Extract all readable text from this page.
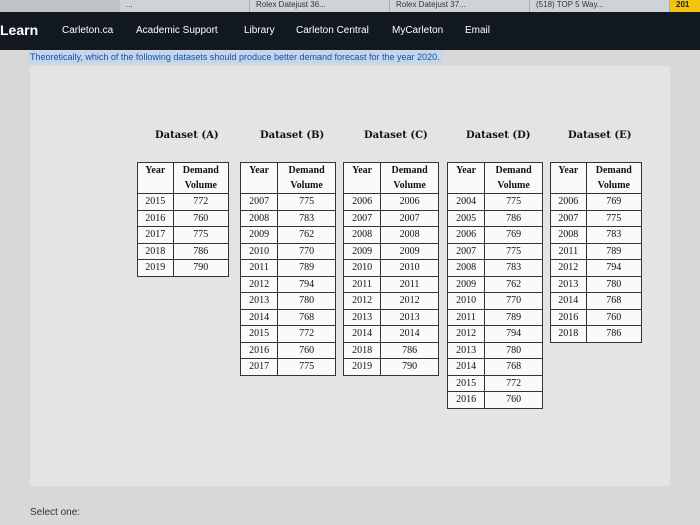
...	Rolex Datejust 36...	Rolex Datejust 37...	(518) TOP 5 Way...	201
Learn Carleton.ca Academic Support	Library Carleton Central MyCarleton Email
Theoretically, which of the following datasets should produce better demand forecast for the year 2020.
Dataset (A)	Dataset (B)	Dataset (C)	Dataset (D)	Dataset (E)
Year	Demand
Volume

2015	772
2016	760
2017	775
2018	786
2019	790
Year	Demand
Volume

2007	775
2008	783
2009	762
2010	770
2011	789
2012	794
2013	780
2014	768
2015	772
2016	760
2017	775
Year	Demand
Volume

2006	2006
2007	2007
2008	2008
2009	2009
2010	2010
2011	2011
2012	2012
2013	2013
2014	2014
2018	786
2019	790
Year	Demand
Volume

2004	775
2005	786
2006	769
2007	775
2008	783
2009	762
2010	770
2011	789
2012	794
2013	780
2014	768
2015	772
2016	760
Year	Demand
Volume

2006	769
2007	775
2008	783
2011	789
2012	794
2013	780
2014	768
2016	760
2018	786
Select one:
